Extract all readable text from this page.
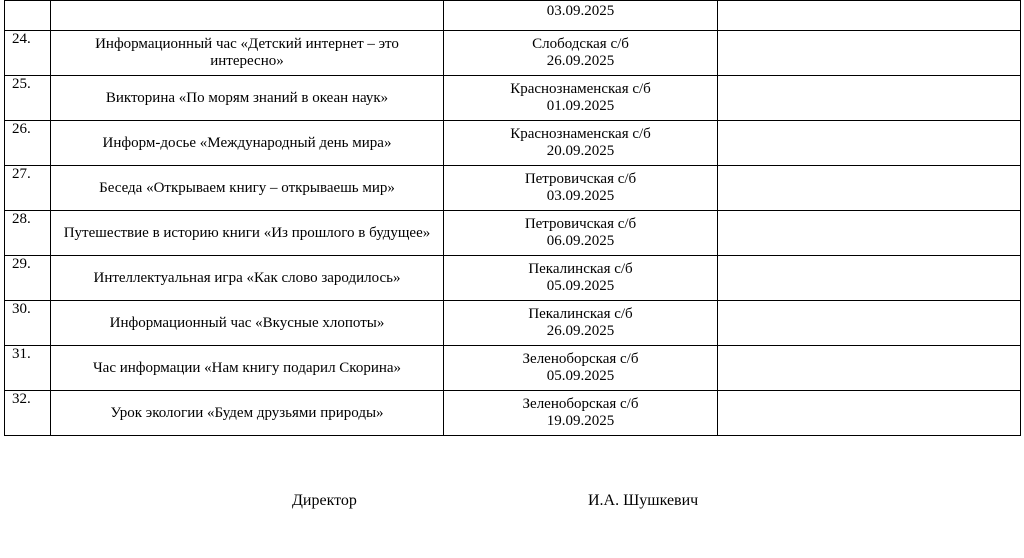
		03.09.2025	

24.	Информационный час «Детский интернет – это интересно»	Слободская с/б
26.09.2025	

25.	Викторина «По морям знаний в океан наук»	Краснознаменская с/б
01.09.2025	

26.	Информ-досье «Международный день мира»	Краснознаменская с/б
20.09.2025	

27.	Беседа «Открываем книгу – открываешь мир»	Петровичская с/б
03.09.2025	

28.	Путешествие в историю книги «Из прошлого в будущее»	Петровичская с/б
06.09.2025	

29.	Интеллектуальная игра «Как слово зародилось»	Пекалинская с/б
05.09.2025	

30.	Информационный час «Вкусные хлопоты»	Пекалинская с/б
26.09.2025	

31.	Час информации «Нам книгу подарил Скорина»	Зеленоборская с/б
05.09.2025	

32.	Урок экологии «Будем друзьями природы»	Зеленоборская с/б
19.09.2025	

Директор	И.А. Шушкевич
